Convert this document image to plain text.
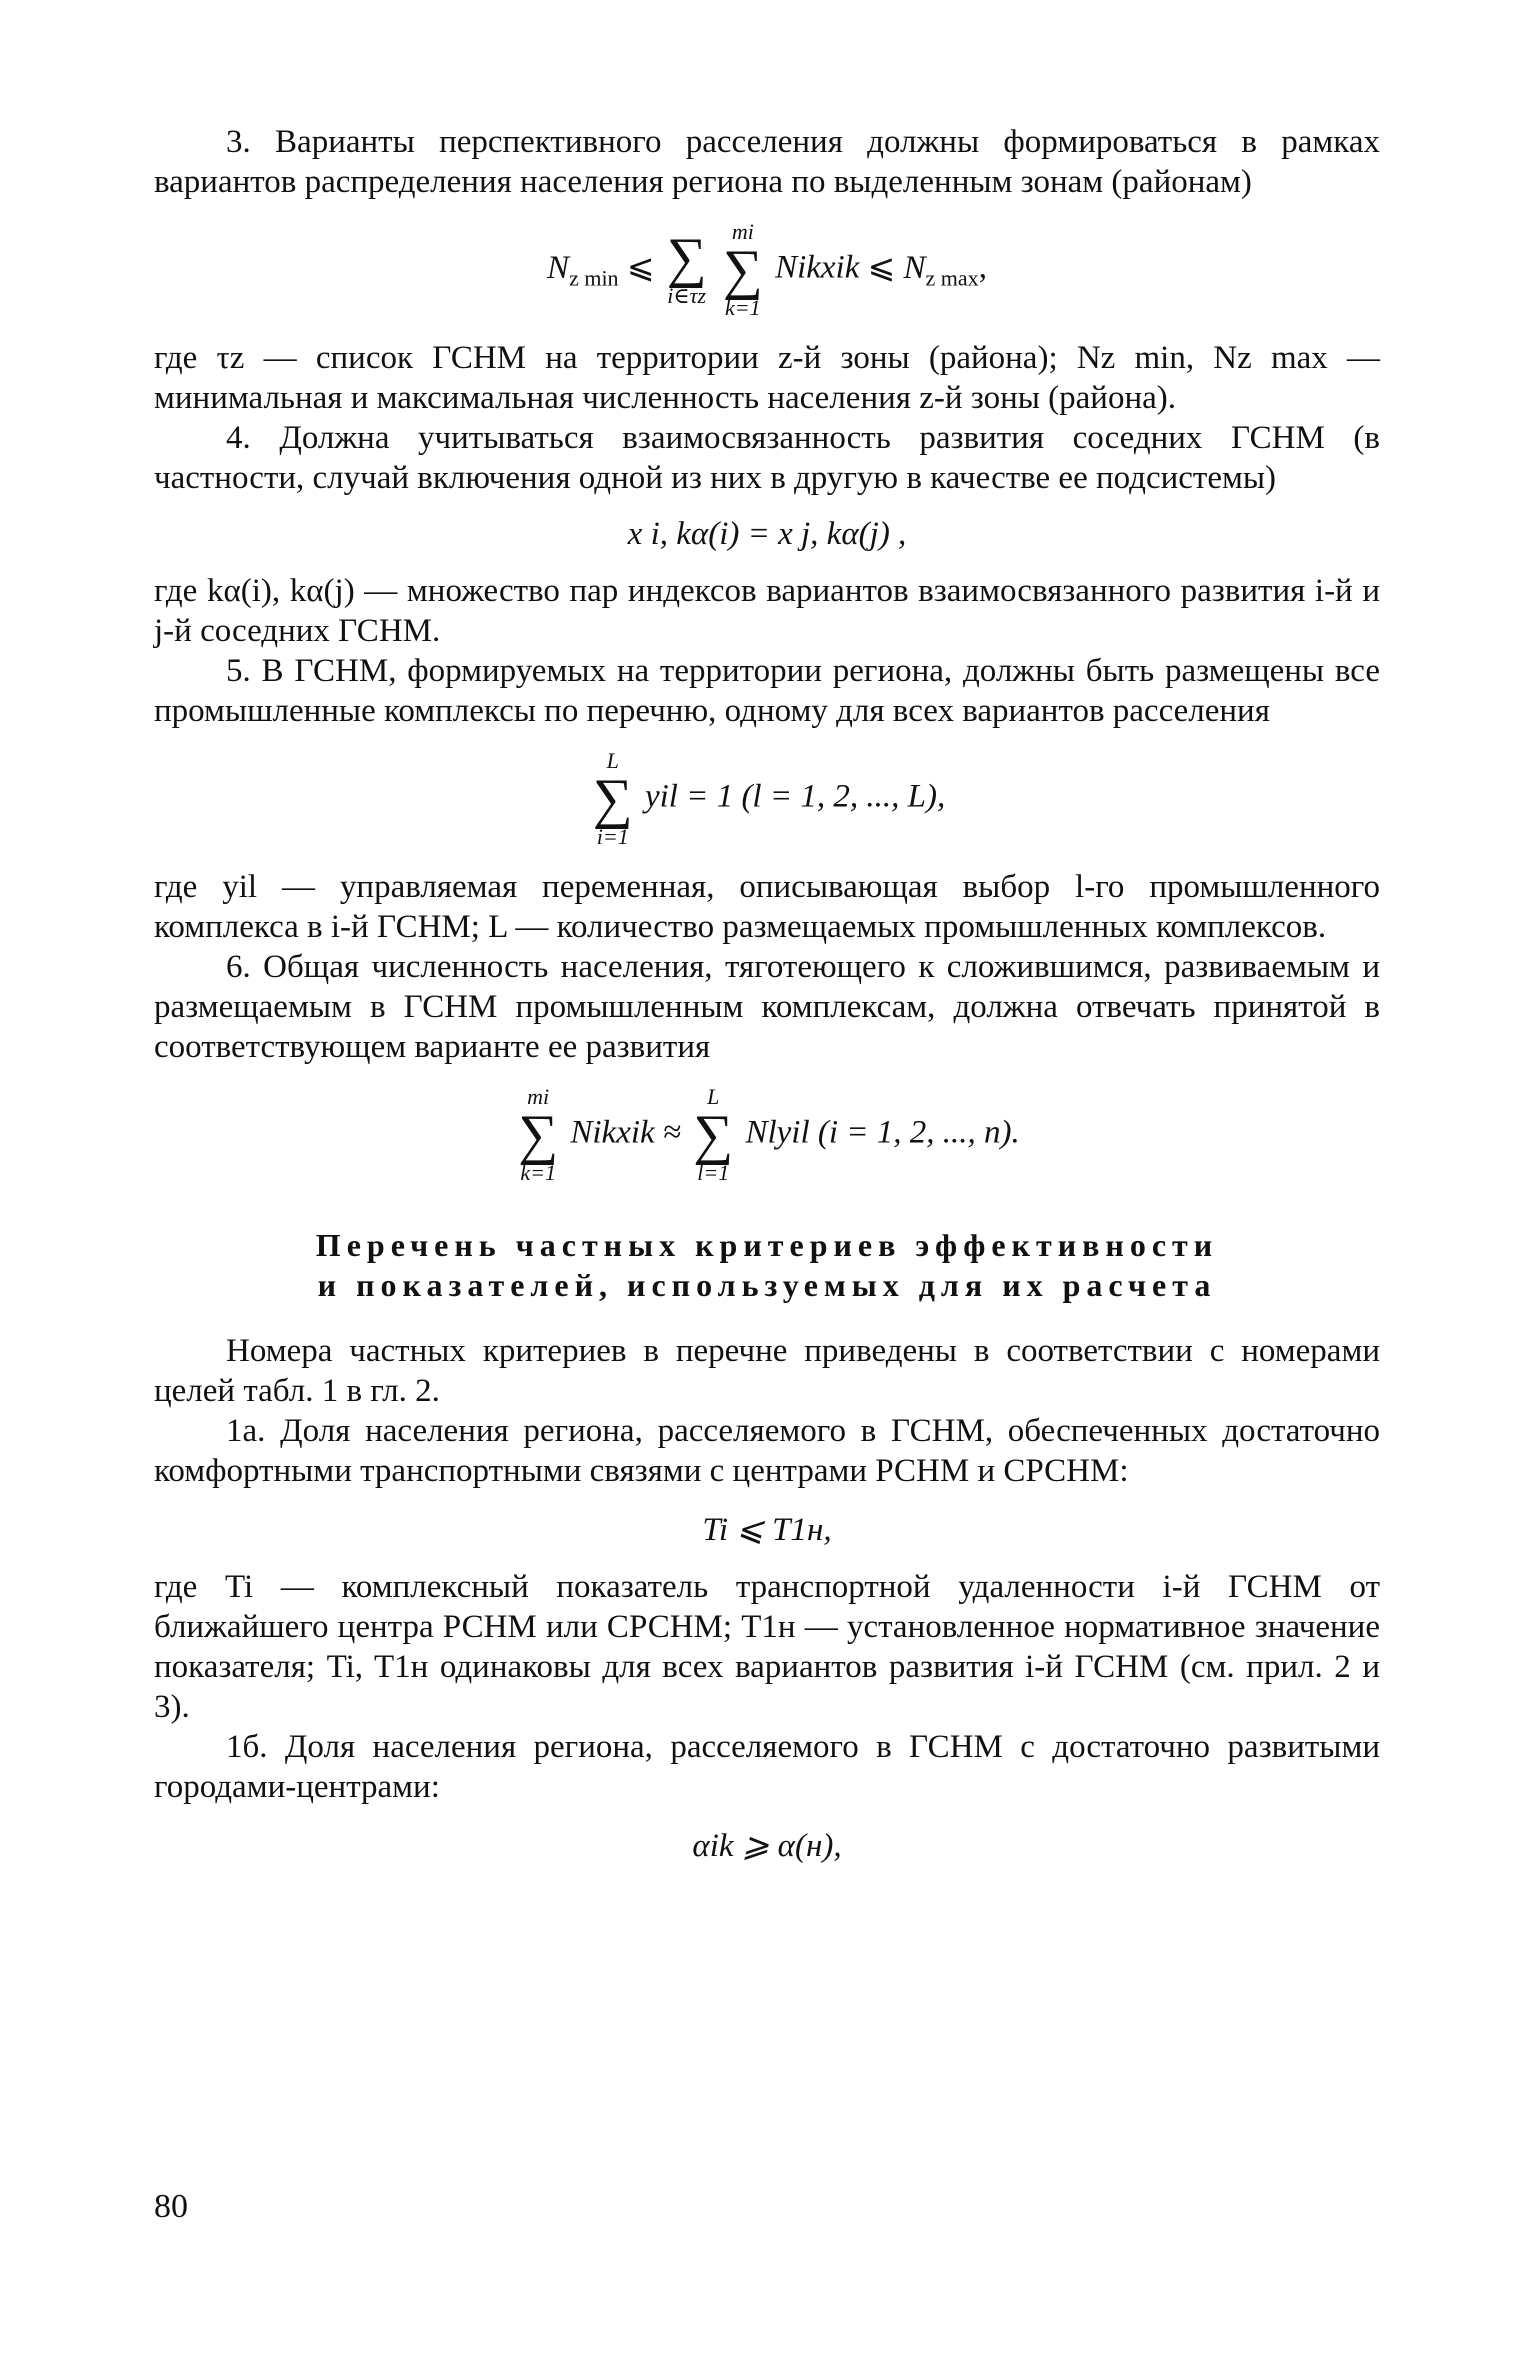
3. Варианты перспективного расселения должны формироваться в рамках вариантов распределения населения региона по выделенным зонам (районам)

$N_{z min}$ ⩽ ∑
i∈τz

mi
∑
k=1
Nikxik ⩽ $N_{z max}$,

где τz — список ГСНМ на территории z-й зоны (района); Nz min, Nz max — минимальная и максимальная численность населения z-й зоны (района).

4. Должна учитываться взаимосвязанность развития соседних ГСНМ (в частности, случай включения одной из них в другую в качестве ее подсистемы)

x i, kα(i) = x j, kα(j) ,

где kα(i), kα(j) — множество пар индексов вариантов взаимосвязанного развития i-й и j-й соседних ГСНМ.

5. В ГСНМ, формируемых на территории региона, должны быть размещены все промышленные комплексы по перечню, одному для всех вариантов расселения

L
∑
i=1
yil = 1 (l = 1, 2, ..., L),

где yil — управляемая переменная, описывающая выбор l-го промышленного комплекса в i-й ГСНМ; L — количество размещаемых промышленных комплексов.

6. Общая численность населения, тяготеющего к сложившимся, развиваемым и размещаемым в ГСНМ промышленным комплексам, должна отвечать принятой в соответствующем варианте ее развития

mi
∑
k=1
Nikxik ≈
L
∑
l=1
Nlyil (i = 1, 2, ..., n).
Перечень частных критериев эффективности
и показателей, используемых для их расчета

Номера частных критериев в перечне приведены в соответствии с номерами целей табл. 1 в гл. 2.

1а. Доля населения региона, расселяемого в ГСНМ, обеспеченных достаточно комфортными транспортными связями с центрами РСНМ и СРСНМ:

Ti ⩽ T1н,

где Ti — комплексный показатель транспортной удаленности i-й ГСНМ от ближайшего центра РСНМ или СРСНМ; T1н — установленное нормативное значение показателя; Ti, T1н одинаковы для всех вариантов развития i-й ГСНМ (см. прил. 2 и 3).

1б. Доля населения региона, расселяемого в ГСНМ с достаточно развитыми городами-центрами:

αik ⩾ α(н),
80
